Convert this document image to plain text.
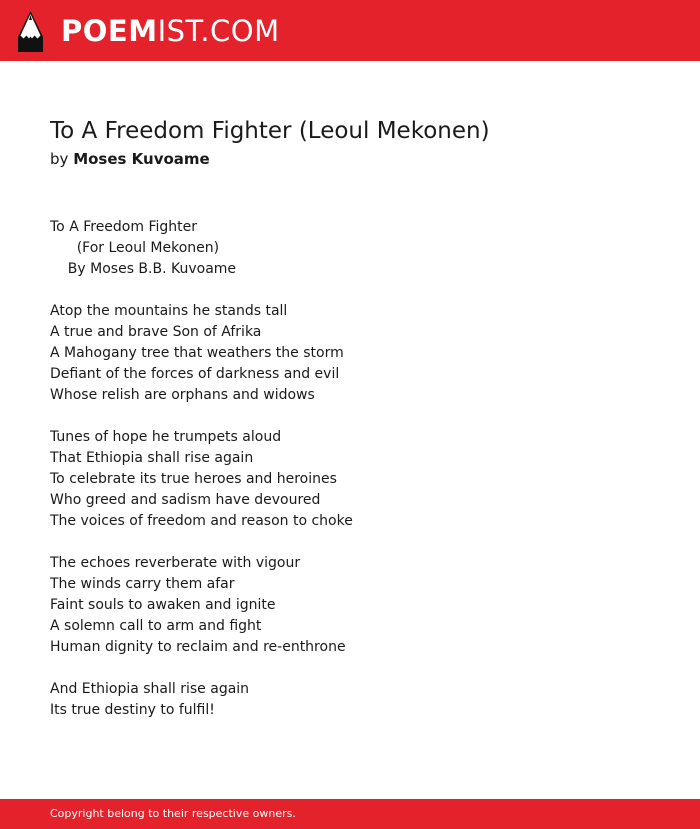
POEMIST.COM
To A Freedom Fighter (Leoul Mekonen)
by Moses Kuvoame
To A Freedom Fighter
(For Leoul Mekonen)
By Moses B.B. Kuvoame

Atop the mountains he stands tall
A true and brave Son of Afrika
A Mahogany tree that weathers the storm
Defiant of the forces of darkness and evil
Whose relish are orphans and widows

Tunes of hope he trumpets aloud
That Ethiopia shall rise again
To celebrate its true heroes and heroines
Who greed and sadism have devoured
The voices of freedom and reason to choke

The echoes reverberate with vigour
The winds carry them afar
Faint souls to awaken and ignite
A solemn call to arm and fight
Human dignity to reclaim and re-enthrone

And Ethiopia shall rise again
Its true destiny to fulfil!
Copyright belong to their respective owners.
